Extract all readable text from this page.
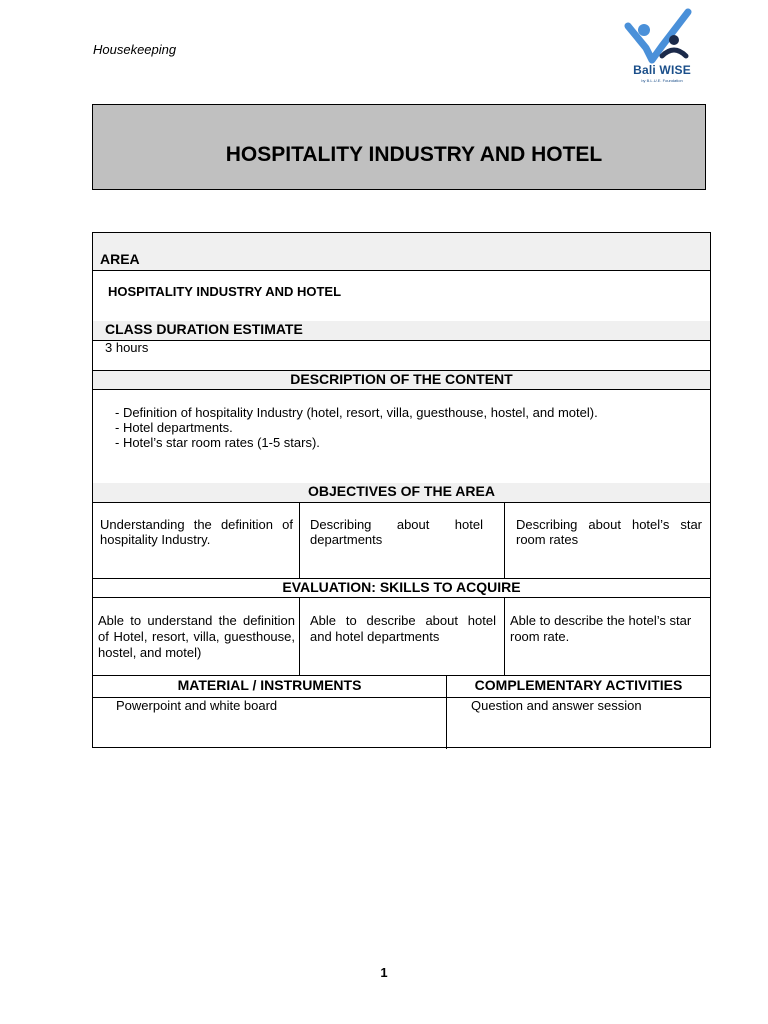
Housekeeping
Bali WISE
by B.L.U.E. Foundation
HOSPITALITY INDUSTRY AND HOTEL
AREA
HOSPITALITY INDUSTRY AND HOTEL
CLASS DURATION ESTIMATE
3 hours
DESCRIPTION OF THE CONTENT
- Definition of hospitality Industry (hotel, resort, villa, guesthouse, hostel, and motel).
- Hotel departments.
- Hotel’s star room rates (1-5 stars).
OBJECTIVES OF THE AREA
Understanding the definition of hospitality Industry.
Describing about hotel departments
Describing about hotel’s star room rates
EVALUATION: SKILLS TO ACQUIRE
Able to understand the definition of Hotel, resort, villa, guesthouse, hostel, and motel)
Able to describe about hotel and hotel departments
Able to describe the hotel’s star room rate.
MATERIAL / INSTRUMENTS	COMPLEMENTARY ACTIVITIES
Powerpoint and white board	Question and answer session
1
